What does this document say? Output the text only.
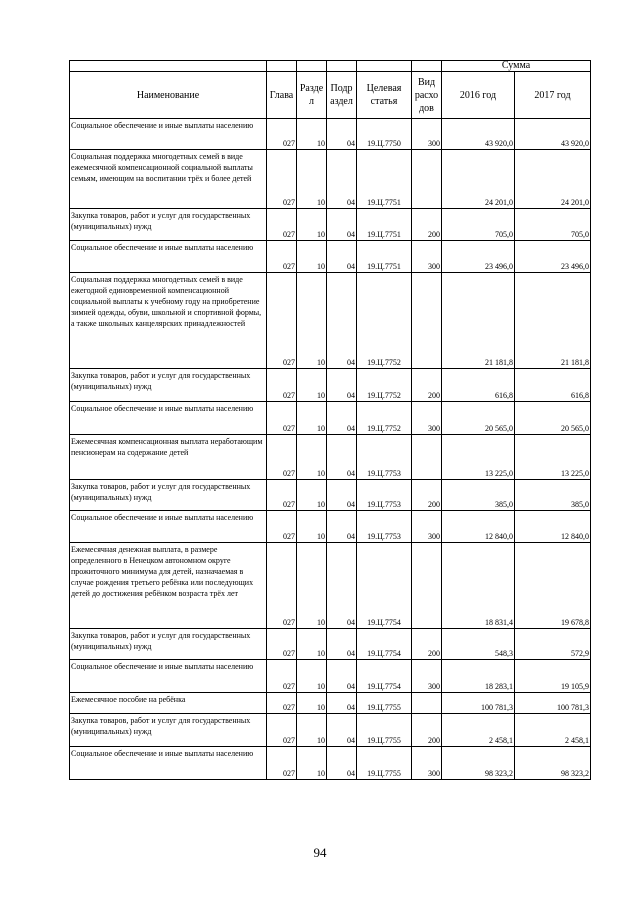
						Сумма	
Наименование	Глава	Разде л	Подр аздел	Целевая статья	Вид расхо дов	2016 год	2017 год
Социальное обеспечение и иные выплаты населению	027	10	04	19.Ц.7750	300	43 920,0	43 920,0
Социальная поддержка многодетных семей в виде ежемесячной компенсационной социальной выплаты семьям, имеющим на воспитании трёх и более детей	027	10	04	19.Ц.7751		24 201,0	24 201,0
Закупка товаров, работ и услуг для государственных (муниципальных) нужд	027	10	04	19.Ц.7751	200	705,0	705,0
Социальное обеспечение и иные выплаты населению	027	10	04	19.Ц.7751	300	23 496,0	23 496,0
Социальная поддержка многодетных семей в виде ежегодной единовременной компенсационной социальной выплаты к учебному году на приобретение зимней одежды, обуви, школьной и спортивной формы, а также школьных канцелярских принадлежностей	027	10	04	19.Ц.7752		21 181,8	21 181,8
Закупка товаров, работ и услуг для государственных (муниципальных) нужд	027	10	04	19.Ц.7752	200	616,8	616,8
Социальное обеспечение и иные выплаты населению	027	10	04	19.Ц.7752	300	20 565,0	20 565,0
Ежемесячная компенсационная выплата неработающим пенсионерам на содержание детей	027	10	04	19.Ц.7753		13 225,0	13 225,0
Закупка товаров, работ и услуг для государственных (муниципальных) нужд	027	10	04	19.Ц.7753	200	385,0	385,0
Социальное обеспечение и иные выплаты населению	027	10	04	19.Ц.7753	300	12 840,0	12 840,0
Ежемесячная денежная выплата, в размере определенного в Ненецком автономном округе прожиточного минимума для детей, назначаемая в случае рождения третьего ребёнка или последующих детей до достижения ребёнком возраста трёх лет	027	10	04	19.Ц.7754		18 831,4	19 678,8
Закупка товаров, работ и услуг для государственных (муниципальных) нужд	027	10	04	19.Ц.7754	200	548,3	572,9
Социальное обеспечение и иные выплаты населению	027	10	04	19.Ц.7754	300	18 283,1	19 105,9
Ежемесячное пособие на ребёнка	027	10	04	19.Ц.7755		100 781,3	100 781,3
Закупка товаров, работ и услуг для государственных (муниципальных) нужд	027	10	04	19.Ц.7755	200	2 458,1	2 458,1
Социальное обеспечение и иные выплаты населению	027	10	04	19.Ц.7755	300	98 323,2	98 323,2
94
